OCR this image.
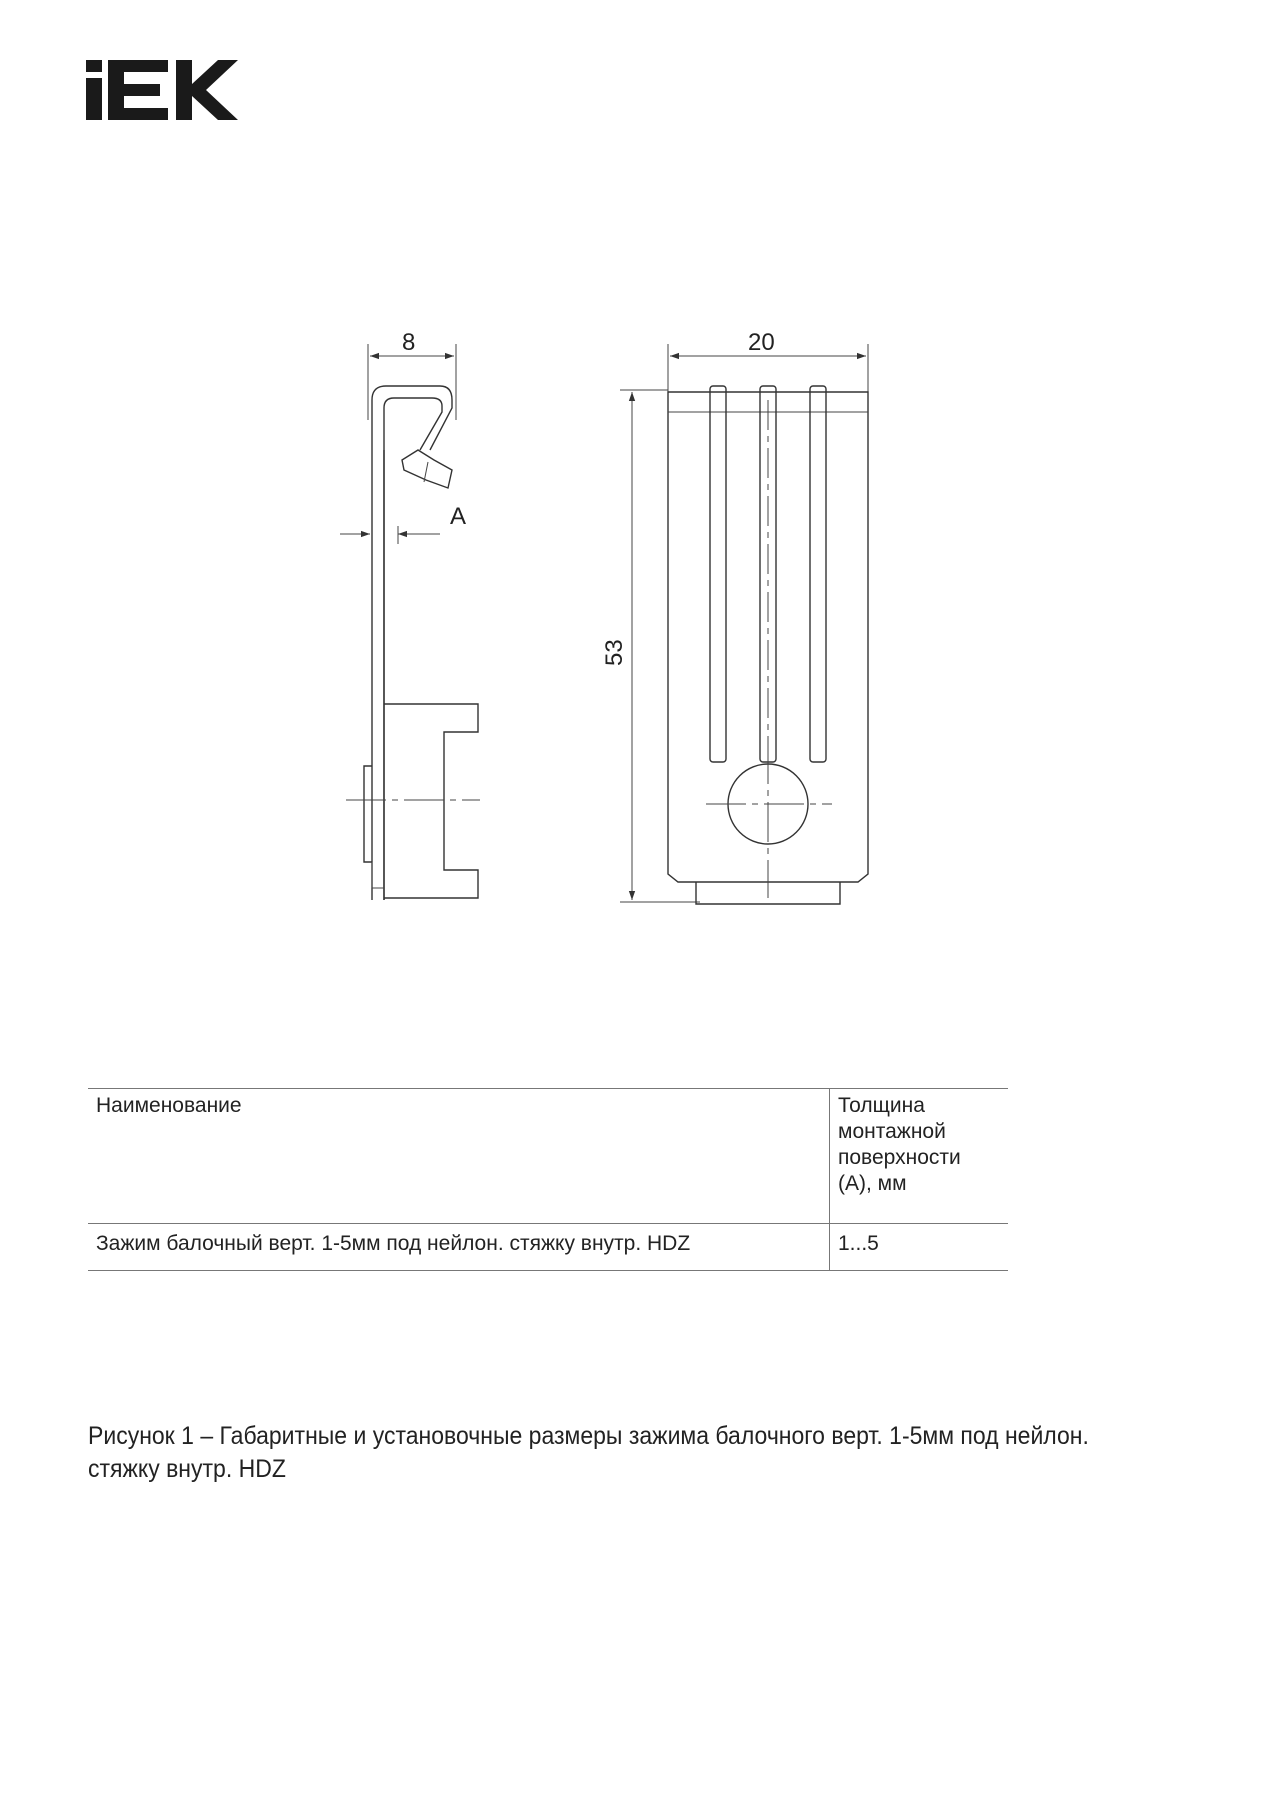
8
A
20
53
Наименование	Толщина монтажной поверхности (А), мм
Зажим балочный верт. 1-5мм под нейлон. стяжку внутр. HDZ	1...5
Рисунок 1 – Габаритные и установочные размеры зажима балочного верт. 1-5мм под нейлон. стяжку внутр. HDZ
